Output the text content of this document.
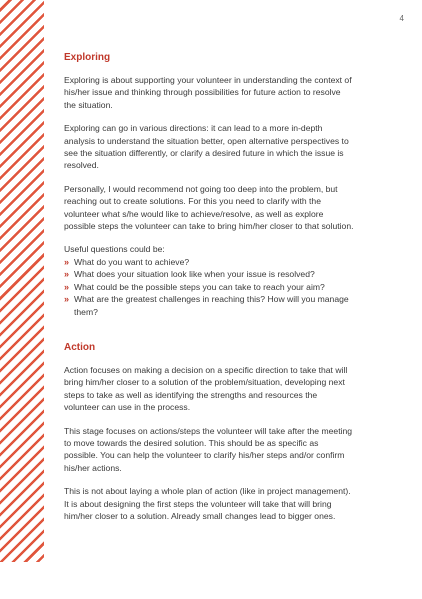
4
Exploring

Exploring is about supporting your volunteer in understanding the context of his/her issue and thinking through possibilities for future action to resolve the situation.

Exploring can go in various directions: it can lead to a more in-depth analysis to understand the situation better, open alternative perspectives to see the situation differently, or clarify a desired future in which the issue is resolved.

Personally, I would recommend not going too deep into the problem, but reaching out to create solutions. For this you need to clarify with the volunteer what s/he would like to achieve/resolve, as well as explore possible steps the volunteer can take to bring him/her closer to that solution.

Useful questions could be:

» What do you want to achieve?
» What does your situation look like when your issue is resolved?
» What could be the possible steps you can take to reach your aim?
» What are the greatest challenges in reaching this? How will you manage them?
Action

Action focuses on making a decision on a specific direction to take that will bring him/her closer to a solution of the problem/situation, developing next steps to take as well as identifying the strengths and resources the volunteer can use in the process.

This stage focuses on actions/steps the volunteer will take after the meeting to move towards the desired solution. This should be as specific as possible. You can help the volunteer to clarify his/her steps and/or confirm his/her actions.

This is not about laying a whole plan of action (like in project management). It is about designing the first steps the volunteer will take that will bring him/her closer to a solution. Already small changes lead to bigger ones.
